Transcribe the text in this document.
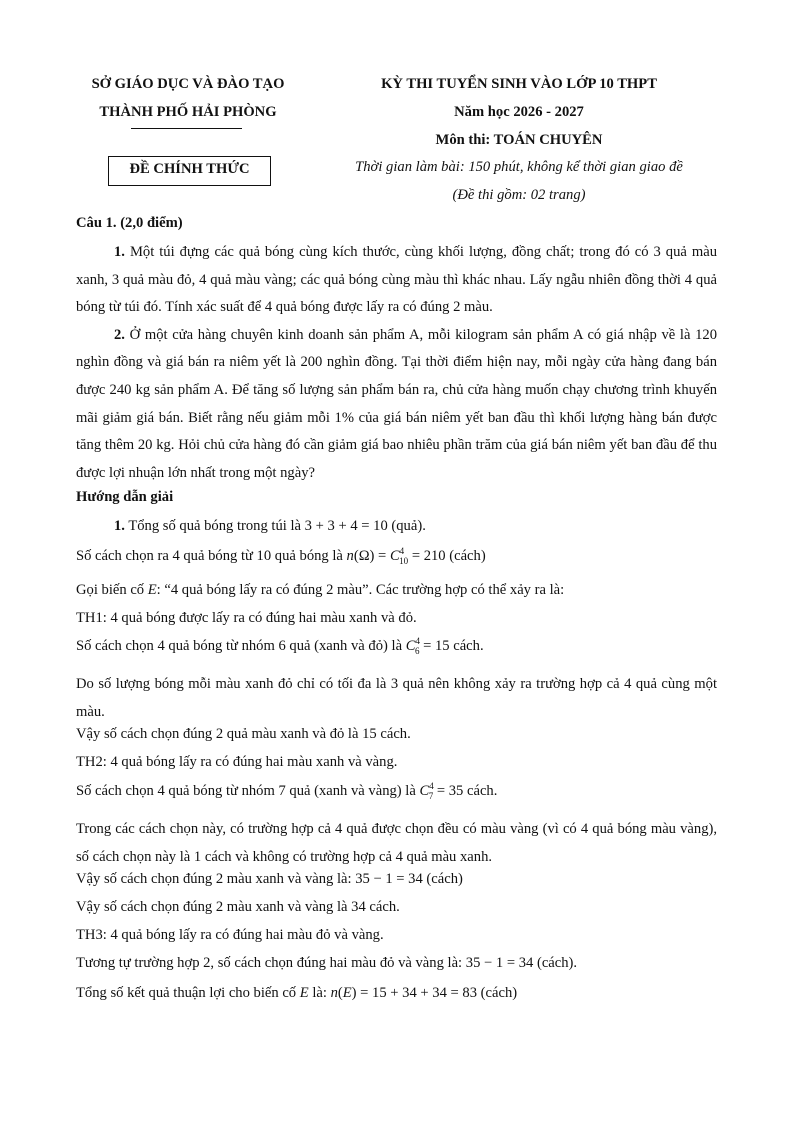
SỞ GIÁO DỤC VÀ ĐÀO TẠO
THÀNH PHỐ HẢI PHÒNG
ĐỀ CHÍNH THỨC
KỲ THI TUYỂN SINH VÀO LỚP 10 THPT
Năm học 2026 - 2027
Môn thi: TOÁN CHUYÊN
Thời gian làm bài: 150 phút, không kể thời gian giao đề
(Đề thi gồm: 02 trang)

Câu 1. (2,0 điểm)

1. Một túi đựng các quả bóng cùng kích thước, cùng khối lượng, đồng chất; trong đó có 3 quả màu xanh, 3 quả màu đỏ, 4 quả màu vàng; các quả bóng cùng màu thì khác nhau. Lấy ngẫu nhiên đồng thời 4 quả bóng từ túi đó. Tính xác suất để 4 quả bóng được lấy ra có đúng 2 màu.

2. Ở một cửa hàng chuyên kinh doanh sản phẩm A, mỗi kilogram sản phẩm A có giá nhập về là 120 nghìn đồng và giá bán ra niêm yết là 200 nghìn đồng. Tại thời điểm hiện nay, mỗi ngày cửa hàng đang bán được 240 kg sản phẩm A. Để tăng số lượng sản phẩm bán ra, chủ cửa hàng muốn chạy chương trình khuyến mãi giảm giá bán. Biết rằng nếu giảm mỗi 1% của giá bán niêm yết ban đầu thì khối lượng hàng bán được tăng thêm 20 kg. Hỏi chủ cửa hàng đó cần giảm giá bao nhiêu phần trăm của giá bán niêm yết ban đầu để thu được lợi nhuận lớn nhất trong một ngày?

Hướng dẫn giải
1. Tổng số quả bóng trong túi là 3 + 3 + 4 = 10 (quả).
Số cách chọn ra 4 quả bóng từ 10 quả bóng là $n(\Omega) = C^4_{10} = 210$ (cách)
Gọi biến cố E: “4 quả bóng lấy ra có đúng 2 màu”. Các trường hợp có thể xảy ra là:
TH1: 4 quả bóng được lấy ra có đúng hai màu xanh và đỏ.
Số cách chọn 4 quả bóng từ nhóm 6 quả (xanh và đỏ) là $C^4_6 = 15$ cách.

Do số lượng bóng mỗi màu xanh đỏ chỉ có tối đa là 3 quả nên không xảy ra trường hợp cả 4 quả cùng một màu.

Vậy số cách chọn đúng 2 quả màu xanh và đỏ là 15 cách.
TH2: 4 quả bóng lấy ra có đúng hai màu xanh và vàng.
Số cách chọn 4 quả bóng từ nhóm 7 quả (xanh và vàng) là $C^4_7 = 35$ cách.

Trong các cách chọn này, có trường hợp cả 4 quả được chọn đều có màu vàng (vì có 4 quả bóng màu vàng), số cách chọn này là 1 cách và không có trường hợp cả 4 quả màu xanh.

Vậy số cách chọn đúng 2 màu xanh và vàng là: 35 − 1 = 34 (cách)
Vậy số cách chọn đúng 2 màu xanh và vàng là 34 cách.
TH3: 4 quả bóng lấy ra có đúng hai màu đỏ và vàng.
Tương tự trường hợp 2, số cách chọn đúng hai màu đỏ và vàng là: 35 − 1 = 34 (cách).
Tổng số kết quả thuận lợi cho biến cố E là: n(E) = 15 + 34 + 34 = 83 (cách)
